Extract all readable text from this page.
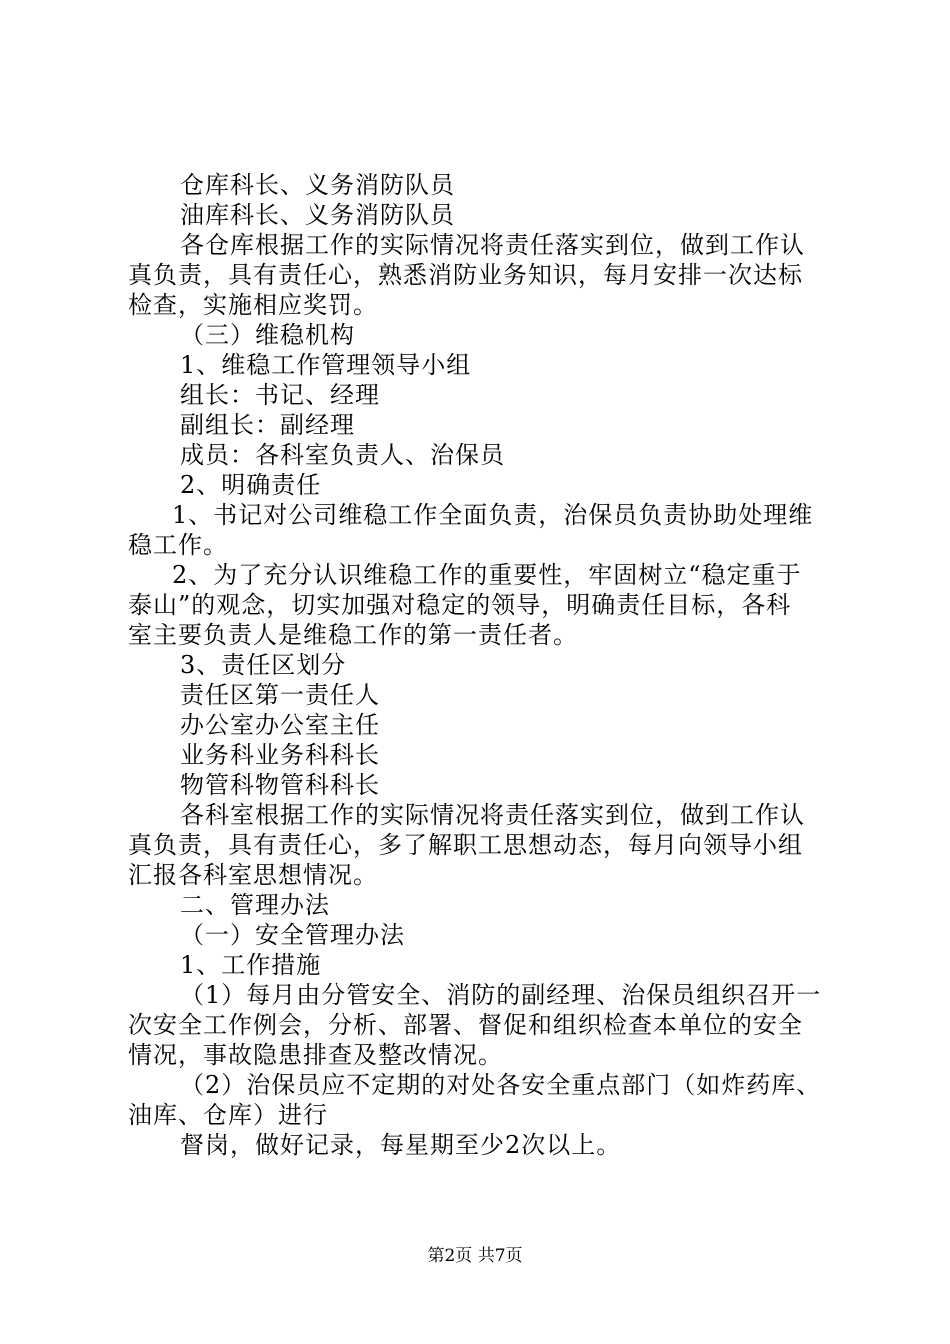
仓库科长、义务消防队员
油库科长、义务消防队员
各仓库根据工作的实际情况将责任落实到位，做到工作认
真负责，具有责任心，熟悉消防业务知识，每月安排一次达标
检查，实施相应奖罚。
（三）维稳机构
1、维稳工作管理领导小组
组长：书记、经理
副组长：副经理
成员：各科室负责人、治保员
2、明确责任
1、书记对公司维稳工作全面负责，治保员负责协助处理维
稳工作。
2、为了充分认识维稳工作的重要性，牢固树立“稳定重于
泰山”的观念，切实加强对稳定的领导，明确责任目标，各科
室主要负责人是维稳工作的第一责任者。
3、责任区划分
责任区第一责任人
办公室办公室主任
业务科业务科科长
物管科物管科科长
各科室根据工作的实际情况将责任落实到位，做到工作认
真负责，具有责任心，多了解职工思想动态，每月向领导小组
汇报各科室思想情况。
二、管理办法
（一）安全管理办法
1、工作措施
（1）每月由分管安全、消防的副经理、治保员组织召开一
次安全工作例会，分析、部署、督促和组织检查本单位的安全
情况，事故隐患排查及整改情况。
（2）治保员应不定期的对处各安全重点部门（如炸药库、
油库、仓库）进行
督岗，做好记录，每星期至少2次以上。
第2页 共7页
